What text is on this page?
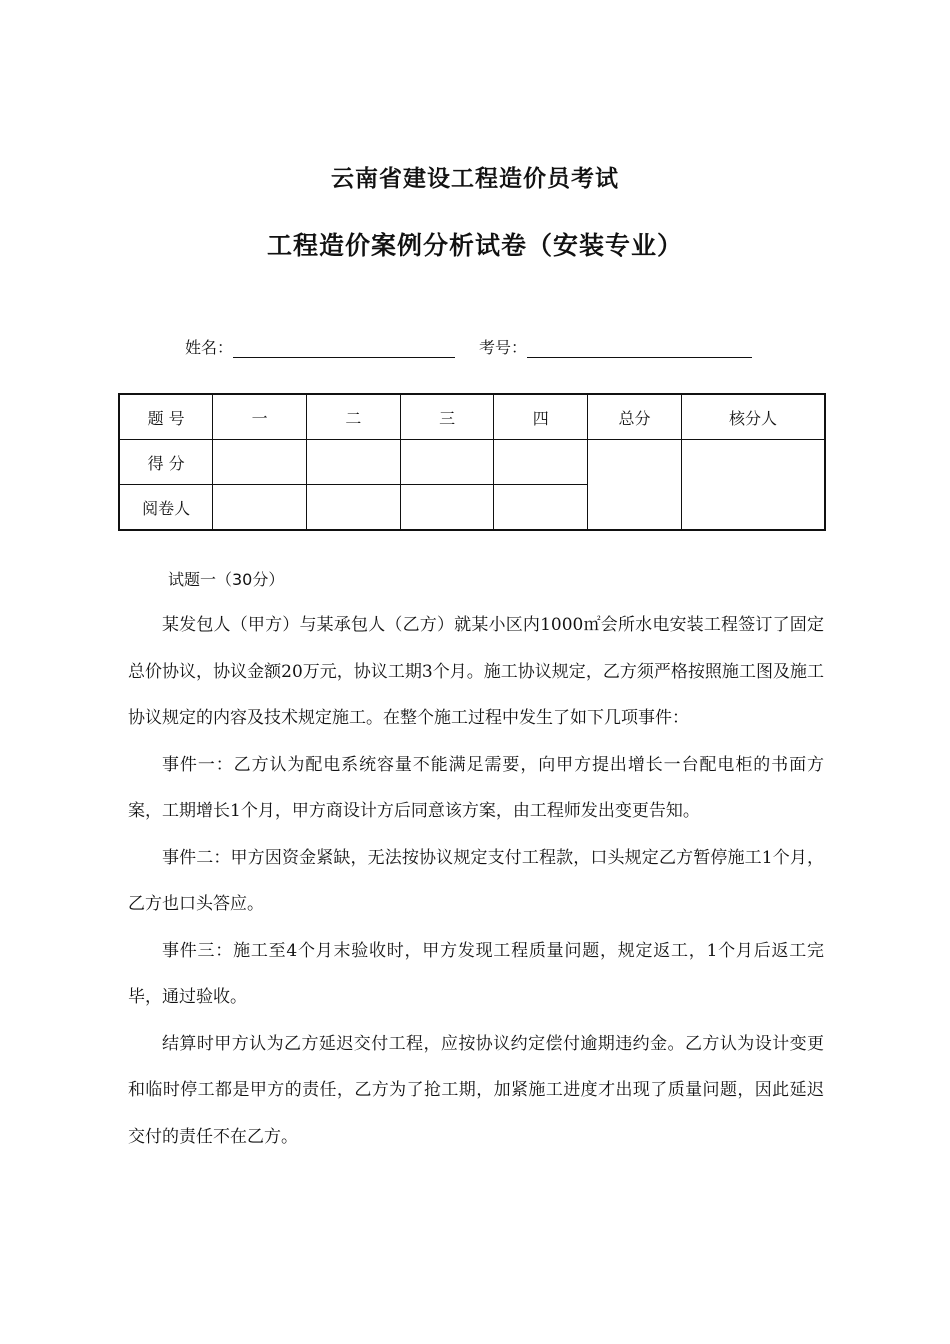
云南省建设工程造价员考试
工程造价案例分析试卷（安装专业）
姓名：	考号：
题 号	一	二	三	四	总分	核分人
得 分						
阅卷人						
试题一（30分）

某发包人（甲方）与某承包人（乙方）就某小区内1000㎡会所水电安装工程签订了固定总价协议，协议金额20万元，协议工期3个月。施工协议规定，乙方须严格按照施工图及施工协议规定的内容及技术规定施工。在整个施工过程中发生了如下几项事件：

事件一：乙方认为配电系统容量不能满足需要，向甲方提出增长一台配电柜的书面方案，工期增长1个月，甲方商设计方后同意该方案，由工程师发出变更告知。

事件二：甲方因资金紧缺，无法按协议规定支付工程款，口头规定乙方暂停施工1个月，乙方也口头答应。

事件三：施工至4个月末验收时，甲方发现工程质量问题，规定返工，1个月后返工完毕，通过验收。

结算时甲方认为乙方延迟交付工程，应按协议约定偿付逾期违约金。乙方认为设计变更和临时停工都是甲方的责任，乙方为了抢工期，加紧施工进度才出现了质量问题，因此延迟交付的责任不在乙方。
